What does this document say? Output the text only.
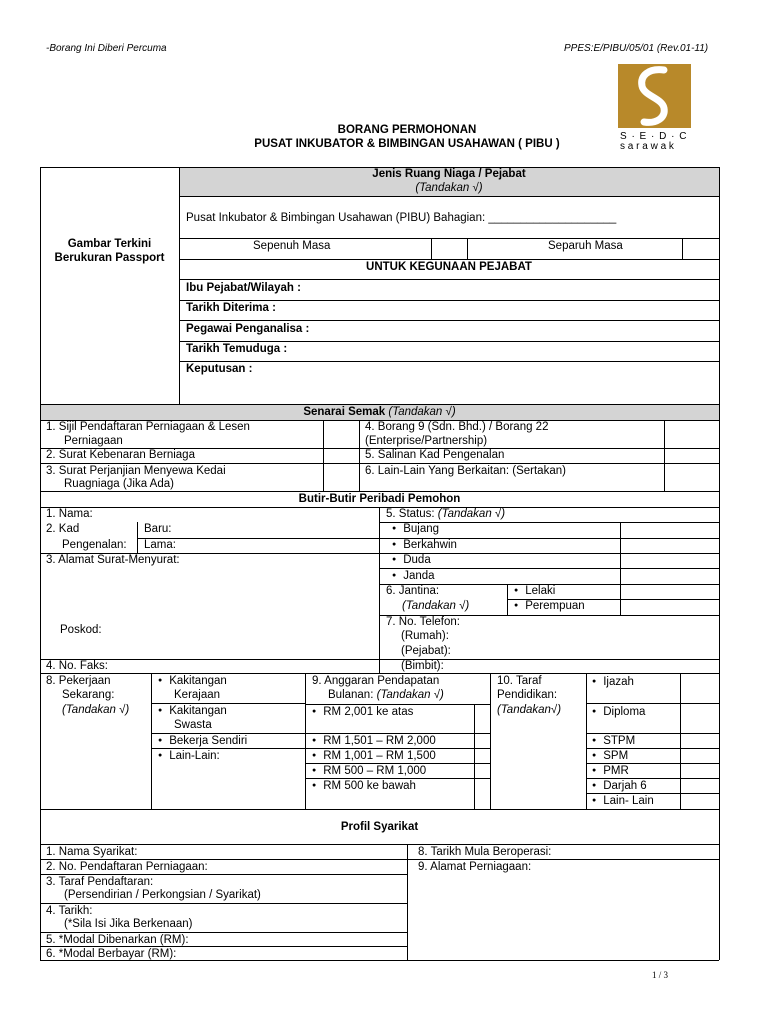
-Borang Ini Diberi Percuma	PPES:E/PIBU/05/01 (Rev.01-11)
S · E · D · C
s a r a w a k
BORANG PERMOHONAN
PUSAT INKUBATOR & BIMBINGAN USAHAWAN ( PIBU )
Gambar Terkini
Berukuran Passport
Jenis Ruang Niaga / Pejabat
(Tandakan √)
Pusat Inkubator & Bimbingan Usahawan (PIBU) Bahagian: ____________________
Sepenuh Masa	Separuh Masa
UNTUK KEGUNAAN PEJABAT
Ibu Pejabat/Wilayah :
Tarikh Diterima :
Pegawai Penganalisa :
Tarikh Temuduga :
Keputusan :
Senarai Semak (Tandakan √)
1. Sijil Pendaftaran Perniagaan & Lesen
Perniagaan
2. Surat Kebenaran Berniaga
3. Surat Perjanjian Menyewa Kedai
Ruagniaga (Jika Ada)
4. Borang 9 (Sdn. Bhd.) / Borang 22
(Enterprise/Partnership)
5. Salinan Kad Pengenalan
6. Lain-Lain Yang Berkaitan: (Sertakan)
Butir-Butir Peribadi Pemohon
1. Nama:
2. Kad
Pengenalan:
Baru:
Lama:
3. Alamat Surat-Menyurat:
Poskod:
4. No. Faks:
5. Status: (Tandakan √)
● Bujang
● Berkahwin
● Duda
● Janda
6. Jantina:
(Tandakan √)
● Lelaki
● Perempuan
7. No. Telefon:
(Rumah):
(Pejabat):
(Bimbit):
8. Pekerjaan
Sekarang:
(Tandakan √)
● Kakitangan
Kerajaan
● Kakitangan
Swasta
● Bekerja Sendiri
● Lain-Lain:
9. Anggaran Pendapatan
Bulanan: (Tandakan √)
● RM 2,001 ke atas
● RM 1,501 – RM 2,000
● RM 1,001 – RM 1,500
● RM 500 – RM 1,000
● RM 500 ke bawah
10. Taraf
Pendidikan:
(Tandakan√)
● Ijazah
● Diploma
● STPM
● SPM
● PMR
● Darjah 6
● Lain- Lain
Profil Syarikat
1. Nama Syarikat:
2. No. Pendaftaran Perniagaan:
3. Taraf Pendaftaran:
(Persendirian / Perkongsian / Syarikat)
4. Tarikh:
(*Sila Isi Jika Berkenaan)
5. *Modal Dibenarkan (RM):
6. *Modal Berbayar (RM):
8. Tarikh Mula Beroperasi:
9. Alamat Perniagaan:
1 / 3
